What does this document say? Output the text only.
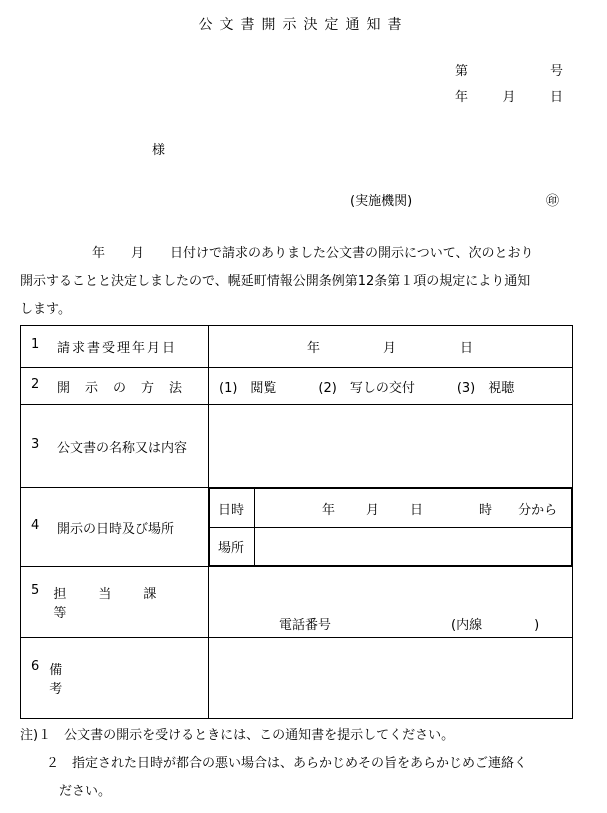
公文書開示決定通知書
第	号
年	月	日
様
(実施機関)	㊞

年　　月　　日付けで請求のありました公文書の開示について、次のとおり

開示することと決定しましたので、幌延町情報公開条例第12条第１項の規定により通知

します。

1	請求書受理年月日	年	月	日

2	開示の方法	(1)　閲覧	(2)　写しの交付	(3)　視聴

3	公文書の名称又は内容

4	開示の日時及び場所

日時	年 月 日	時 分から

場所	

5	担当課等

電話番号	(内線　　　　)

6 備考

注)１　公文書の開示を受けるときには、この通知書を提示してください。

　　２　指定された日時が都合の悪い場合は、あらかじめその旨をあらかじめご連絡く

　　　ださい。
